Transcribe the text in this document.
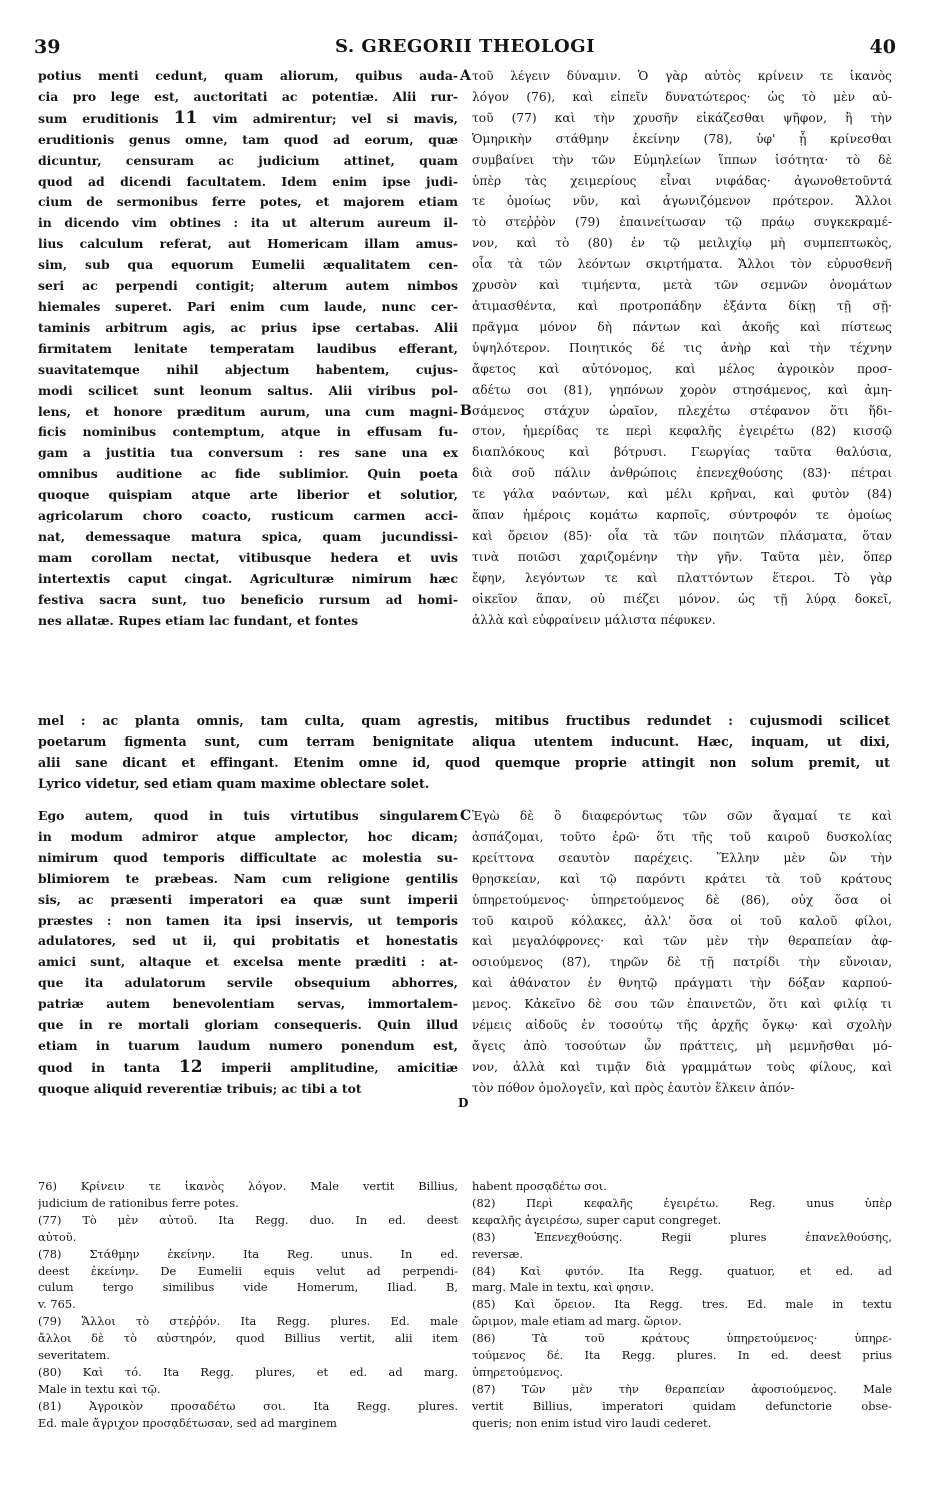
39	S. GREGORII THEOLOGI	40
potius menti cedunt, quam aliorum, quibus auda-
cia pro lege est, auctoritati ac potentiæ. Alii rur-
sum eruditionis 11 vim admirentur; vel si mavis,
eruditionis genus omne, tam quod ad eorum, quæ
dicuntur, censuram ac judicium attinet, quam
quod ad dicendi facultatem. Idem enim ipse judi-
cium de sermonibus ferre potes, et majorem etiam
in dicendo vim obtines : ita ut alterum aureum il-
lius calculum referat, aut Homericam illam amus-
sim, sub qua equorum Eumelii æqualitatem cen-
seri ac perpendi contigit; alterum autem nimbos
hiemales superet. Pari enim cum laude, nunc cer-
taminis arbitrum agis, ac prius ipse certabas. Alii
firmitatem lenitate temperatam laudibus efferant,
suavitatemque nihil abjectum habentem, cujus-
modi scilicet sunt leonum saltus. Alii viribus pol-
lens, et honore præditum aurum, una cum magni-
ficis nominibus contemptum, atque in effusam fu-
gam a justitia tua conversum : res sane una ex
omnibus auditione ac fide sublimior. Quin poeta
quoque quispiam atque arte liberior et solutior,
agricolarum choro coacto, rusticum carmen acci-
nat, demessaque matura spica, quam jucundissi-
mam corollam nectat, vitibusque hedera et uvis
intertextis caput cingat. Agriculturæ nimirum hæc
festiva sacra sunt, tuo beneficio rursum ad homi-
nes allatæ. Rupes etiam lac fundant, et fontes
τοῦ λέγειν δύναμιν. Ὁ γὰρ αὐτὸς κρίνειν τε ἱκανὸς
λόγον (76), καὶ εἰπεῖν δυνατώτερος· ὡς τὸ μὲν αὐ-
τοῦ (77) καὶ τὴν χρυσῆν εἰκάζεσθαι ψῆφον, ἢ τὴν
Ὁμηρικὴν στάθμην ἐκείνην (78), ὑφ' ᾗ κρίνεσθαι
συμβαίνει τὴν τῶν Εὐμηλείων ἵππων ἰσότητα· τὸ δὲ
ὑπὲρ τὰς χειμερίους εἶναι νιφάδας· ἀγωνοθετοῦντά
τε ὁμοίως νῦν, καὶ ἀγωνιζόμενον πρότερον. Ἄλλοι
τὸ στεῤῥὸν (79) ἐπαινείτωσαν τῷ πράῳ συγκεκραμέ-
νον, καὶ τὸ (80) ἐν τῷ μειλιχίῳ μὴ συμπεπτωκὸς,
οἷα τὰ τῶν λεόντων σκιρτήματα. Ἄλλοι τὸν εὐρυσθενῆ
χρυσὸν καὶ τιμήεντα, μετὰ τῶν σεμνῶν ὀνομάτων
ἀτιμασθέντα, καὶ προτροπάδην ἐξάντα δίκῃ τῇ σῇ·
πρᾶγμα μόνον δὴ πάντων καὶ ἀκοῆς καὶ πίστεως
ὑψηλότερον. Ποιητικός δέ τις ἀνὴρ καὶ τὴν τέχνην
ἄφετος καὶ αὐτόνομος, καὶ μέλος ἀγροικὸν προσ-
αδέτω σοι (81), γηπόνων χορὸν στησάμενος, καὶ ἀμη-
σάμενος στάχυν ὡραῖον, πλεχέτω στέφανον ὅτι ἥδι-
στον, ἡμερίδας τε περὶ κεφαλῆς ἐγειρέτω (82) κισσῷ
διαπλόκους καὶ βότρυσι. Γεωργίας ταῦτα θαλύσια,
διὰ σοῦ πάλιν ἀνθρώποις ἐπενεχθούσης (83)· πέτραι
τε γάλα ναόντων, καὶ μέλι κρῆναι, καὶ φυτὸν (84)
ἅπαν ἡμέροις κομάτω καρποῖς, σύντροφόν τε ὁμοίως
καὶ ὄρειον (85)· οἷα τὰ τῶν ποιητῶν πλάσματα, ὅταν
τινὰ ποιῶσι χαριζομένην τὴν γῆν. Ταῦτα μὲν, ὅπερ
ἔφην, λεγόντων τε καὶ πλαττόντων ἕτεροι. Τὸ γὰρ
οἰκεῖον ἅπαν, οὐ πιέζει μόνον. ὡς τῇ λύρᾳ δοκεῖ,
ἀλλὰ καὶ εὐφραίνειν μάλιστα πέφυκεν.
A
B
C
D
mel : ac planta omnis, tam culta, quam agrestis, mitibus fructibus redundet : cujusmodi scilicet
poetarum figmenta sunt, cum terram benignitate aliqua utentem inducunt. Hæc, inquam, ut dixi,
alii sane dicant et effingant. Etenim omne id, quod quemque proprie attingit non solum premit, ut
Lyrico videtur, sed etiam quam maxime oblectare solet.
Ego autem, quod in tuis virtutibus singularem
in modum admiror atque amplector, hoc dicam;
nimirum quod temporis difficultate ac molestia su-
blimiorem te præbeas. Nam cum religione gentilis
sis, ac præsenti imperatori ea quæ sunt imperii
præstes : non tamen ita ipsi inservis, ut temporis
adulatores, sed ut ii, qui probitatis et honestatis
amici sunt, altaque et excelsa mente præditi : at-
que ita adulatorum servile obsequium abhorres,
patriæ autem benevolentiam servas, immortalem-
que in re mortali gloriam consequeris. Quin illud
etiam in tuarum laudum numero ponendum est,
quod in tanta 12 imperii amplitudine, amicitiæ
quoque aliquid reverentiæ tribuis; ac tibi a tot
Ἐγὼ δὲ ὃ διαφερόντως τῶν σῶν ἄγαμαί τε καὶ
ἀσπάζομαι, τοῦτο ἐρῶ· ὅτι τῆς τοῦ καιροῦ δυσκολίας
κρείττονα σεαυτὸν παρέχεις. Ἕλλην μὲν ὢν τὴν
θρησκείαν, καὶ τῷ παρόντι κράτει τὰ τοῦ κράτους
ὑπηρετούμενος· ὑπηρετούμενος δὲ (86), οὐχ ὅσα οἱ
τοῦ καιροῦ κόλακες, ἀλλ' ὅσα οἱ τοῦ καλοῦ φίλοι,
καὶ μεγαλόφρονες· καὶ τῶν μὲν τὴν θεραπείαν ἀφ-
οσιούμενος (87), τηρῶν δὲ τῇ πατρίδι τὴν εὔνοιαν,
καὶ ἀθάνατον ἐν θνητῷ πράγματι τὴν δόξαν καρπού-
μενος. Κἀκεῖνο δὲ σου τῶν ἐπαινετῶν, ὅτι καὶ φιλίᾳ τι
νέμεις αἰδοῦς ἐν τοσούτῳ τῆς ἀρχῆς ὄγκῳ· καὶ σχολὴν
ἄγεις ἀπὸ τοσούτων ὧν πράττεις, μὴ μεμνῆσθαι μό-
νον, ἀλλὰ καὶ τιμᾷν διὰ γραμμάτων τοὺς φίλους, καὶ
τὸν πόθον ὁμολογεῖν, καὶ πρὸς ἑαυτὸν ἕλκειν ἀπόν-
76) Κρίνειν τε ἱκανὸς λόγον. Male vertit Billius,
judicium de rationibus ferre potes.
(77) Τὸ μὲν αὐτοῦ. Ita Regg. duo. In ed. deest
αὐτοῦ.
(78) Στάθμην ἐκείνην. Ita Reg. unus. In ed.
deest ἐκείνην. De Eumelii equis velut ad perpendi-
culum tergo similibus vide Homerum, Iliad. B,
v. 765.
(79) Ἄλλοι τὸ στεῤῥόν. Ita Regg. plures. Ed. male
ἄλλοι δὲ τὸ αὐστηρόν, quod Billius vertit, alii item
severitatem.
(80) Καὶ τό. Ita Regg. plures, et ed. ad marg.
Male in textu καὶ τῷ.
(81) Ἀγροικὸν προσαδέτω σοι. Ita Regg. plures.
Ed. male ἄγριχον προσᾳδέτωσαν, sed ad marginem
habent προσᾳδέτω σοι.
(82) Περὶ κεφαλῆς ἐγειρέτω. Reg. unus ὑπὲρ
κεφαλῆς ἀγειρέσω, super caput congreget.
(83) Ἐπενεχθούσης. Regii plures ἐπανελθούσης,
reversæ.
(84) Καὶ φυτόν. Ita Regg. quatuor, et ed. ad
marg. Male in textu, καὶ φησιν.
(85) Καὶ ὄρειον. Ita Regg. tres. Ed. male in textu
ὥριμον, male etiam ad marg. ὥριον.
(86) Τὰ τοῦ κράτους ὑπηρετούμενος· ὑπηρε-
τούμενος δέ. Ita Regg. plures. In ed. deest prius
ὑπηρετούμενος.
(87) Τῶν μὲν τὴν θεραπείαν ἀφοσιούμενος. Male
vertit Billius, imperatori quidam defunctorie obse-
queris; non enim istud viro laudi cederet.
